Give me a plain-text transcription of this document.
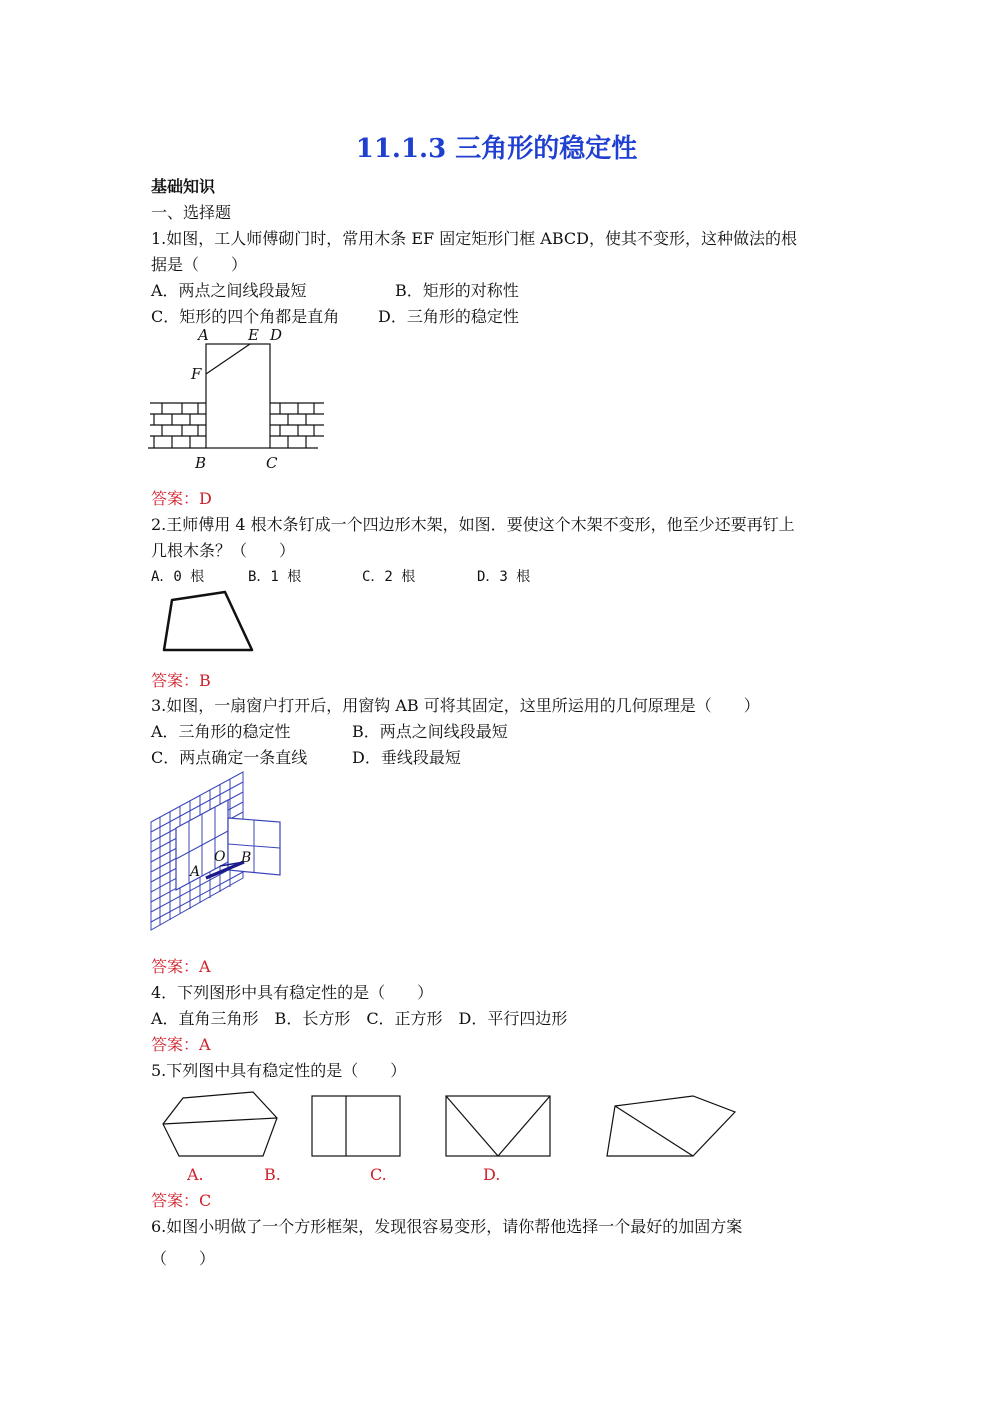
11.1.3 三角形的稳定性
基础知识
一、选择题
1.如图，工人师傅砌门时，常用木条 EF 固定矩形门框 ABCD，使其不变形，这种做法的根
据是（　　）
A．两点之间线段最短	B．矩形的对称性
C．矩形的四个角都是直角 D．三角形的稳定性
A	E D
F
B	C
答案：D
2.王师傅用 4 根木条钉成一个四边形木架，如图．要使这个木架不变形，他至少还要再钉上
几根木条？（　　）
A．0 根	B．1 根	C．2 根	D．3 根
答案：B
3.如图，一扇窗户打开后，用窗钩 AB 可将其固定，这里所运用的几何原理是（　　）
A．三角形的稳定性	B．两点之间线段最短
C．两点确定一条直线	D．垂线段最短
O
A
B
答案：A
4．下列图形中具有稳定性的是（　　）
A．直角三角形　B．长方形　C．正方形　D．平行四边形
答案：A
5.下列图中具有稳定性的是（　　）
A.	B.	C.	D.
答案：C
6.如图小明做了一个方形框架，发现很容易变形，请你帮他选择一个最好的加固方案
（　　）
